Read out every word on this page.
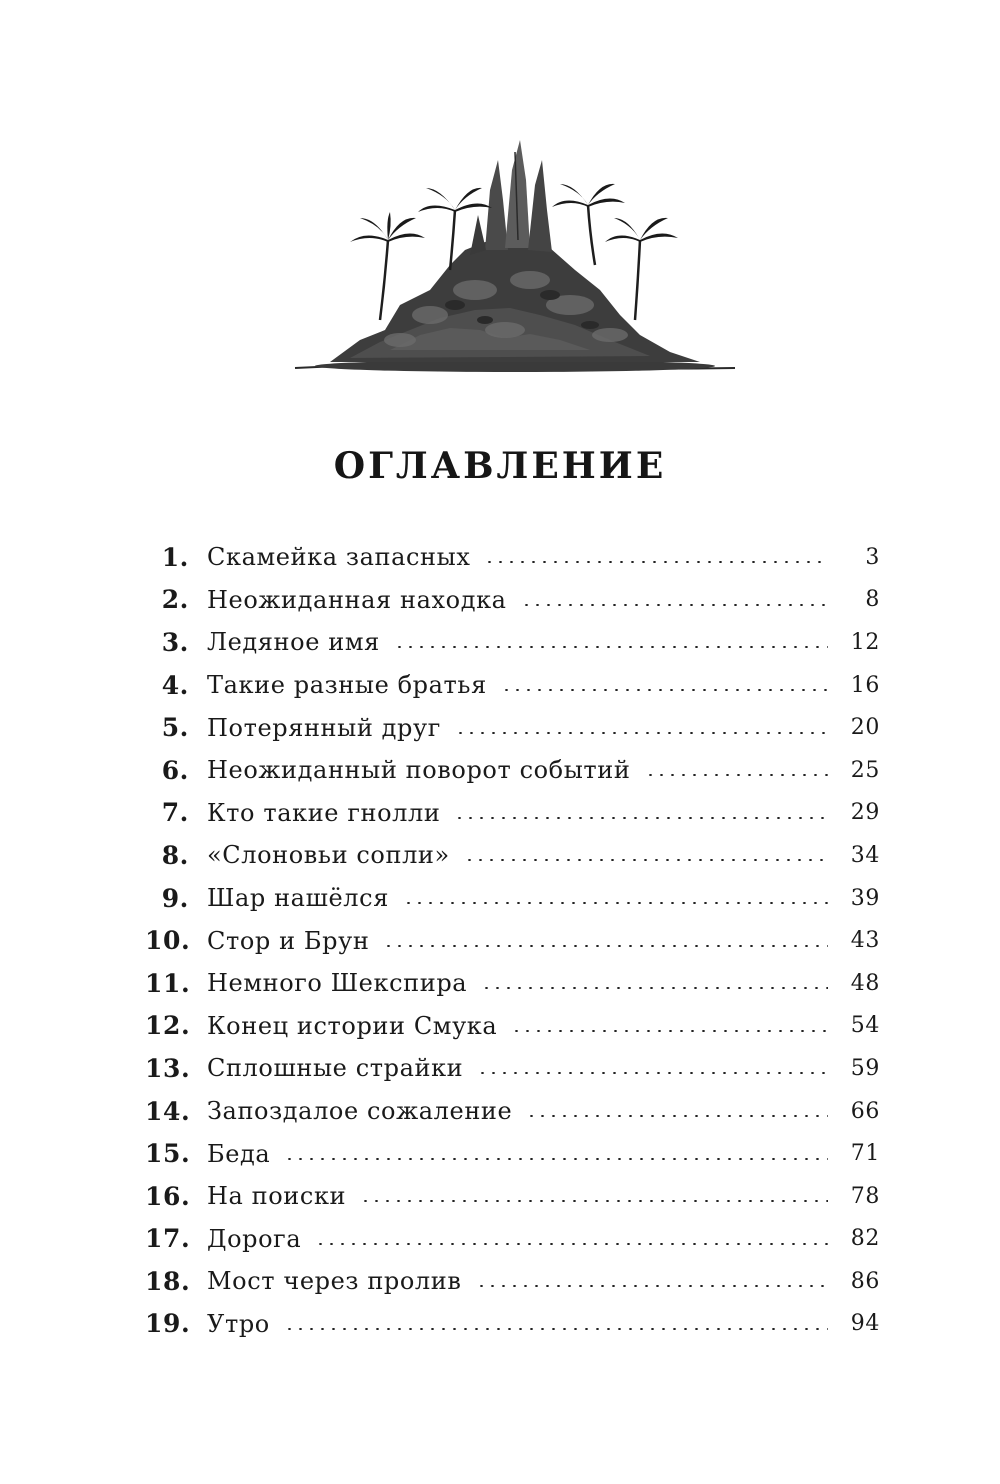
ОГЛАВЛЕНИЕ
1. Скамейка запасных	3
2. Неожиданная находка	8
3. Ледяное имя	12
4. Такие разные братья	16
5. Потерянный друг	20
6. Неожиданный поворот событий	25
7. Кто такие гнолли	29
8. «Слоновьи сопли»	34
9. Шар нашёлся	39
10. Стор и Брун	43
11. Немного Шекспира	48
12. Конец истории Смука	54
13. Сплошные страйки	59
14. Запоздалое сожаление	66
15. Беда	71
16. На поиски	78
17. Дорога	82
18. Мост через пролив	86
19. Утро	94
